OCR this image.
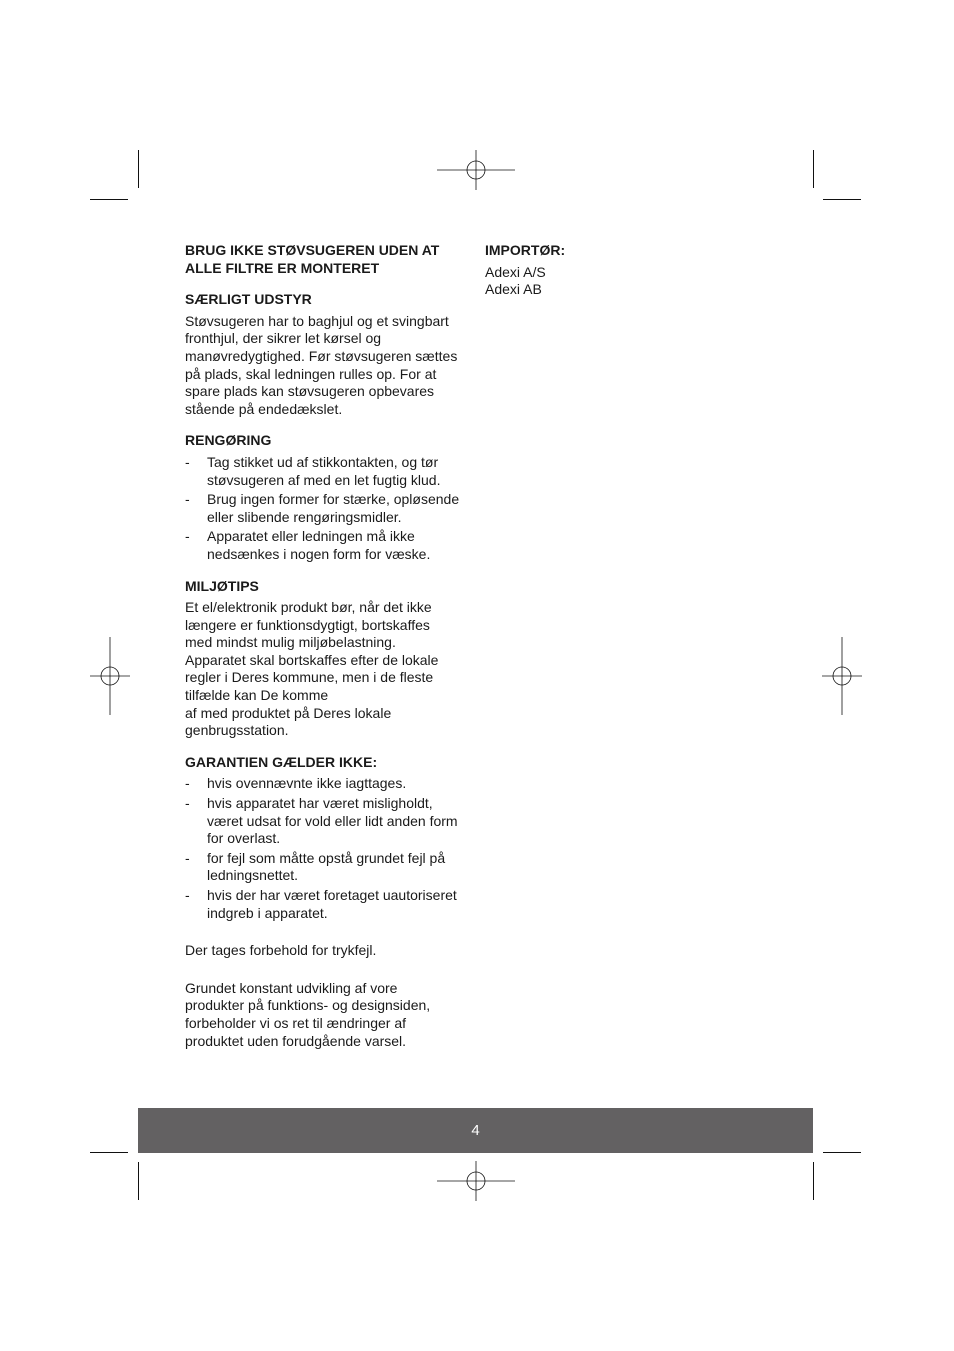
BRUG IKKE STØVSUGEREN UDEN AT
ALLE FILTRE ER MONTERET

SÆRLIGT UDSTYR

Støvsugeren har to baghjul og et svingbart
fronthjul, der sikrer let kørsel og
manøvredygtighed. Før støvsugeren sættes
på plads, skal ledningen rulles op. For at
spare plads kan støvsugeren opbevares
stående på endedækslet.

RENGØRING

- Tag stikket ud af stikkontakten, og tør
støvsugeren af med en let fugtig klud.
- Brug ingen former for stærke, opløsende
eller slibende rengøringsmidler.
- Apparatet eller ledningen må ikke
nedsænkes i nogen form for væske.

MILJØTIPS

Et el/elektronik produkt bør, når det ikke
længere er funktionsdygtigt, bortskaffes
med mindst mulig miljøbelastning.
Apparatet skal bortskaffes efter de lokale
regler i Deres kommune, men i de fleste
tilfælde kan De komme
af med produktet på Deres lokale
genbrugsstation.

GARANTIEN GÆLDER IKKE:

- hvis ovennævnte ikke iagttages.
- hvis apparatet har været misligholdt,
været udsat for vold eller lidt anden form
for overlast.
- for fejl som måtte opstå grundet fejl på
ledningsnettet.
- hvis der har været foretaget uautoriseret
indgreb i apparatet.

Der tages forbehold for trykfejl.

Grundet konstant udvikling af vore
produkter på funktions- og designsiden,
forbeholder vi os ret til ændringer af
produktet uden forudgående varsel.

IMPORTØR:

Adexi A/S
Adexi AB

4
